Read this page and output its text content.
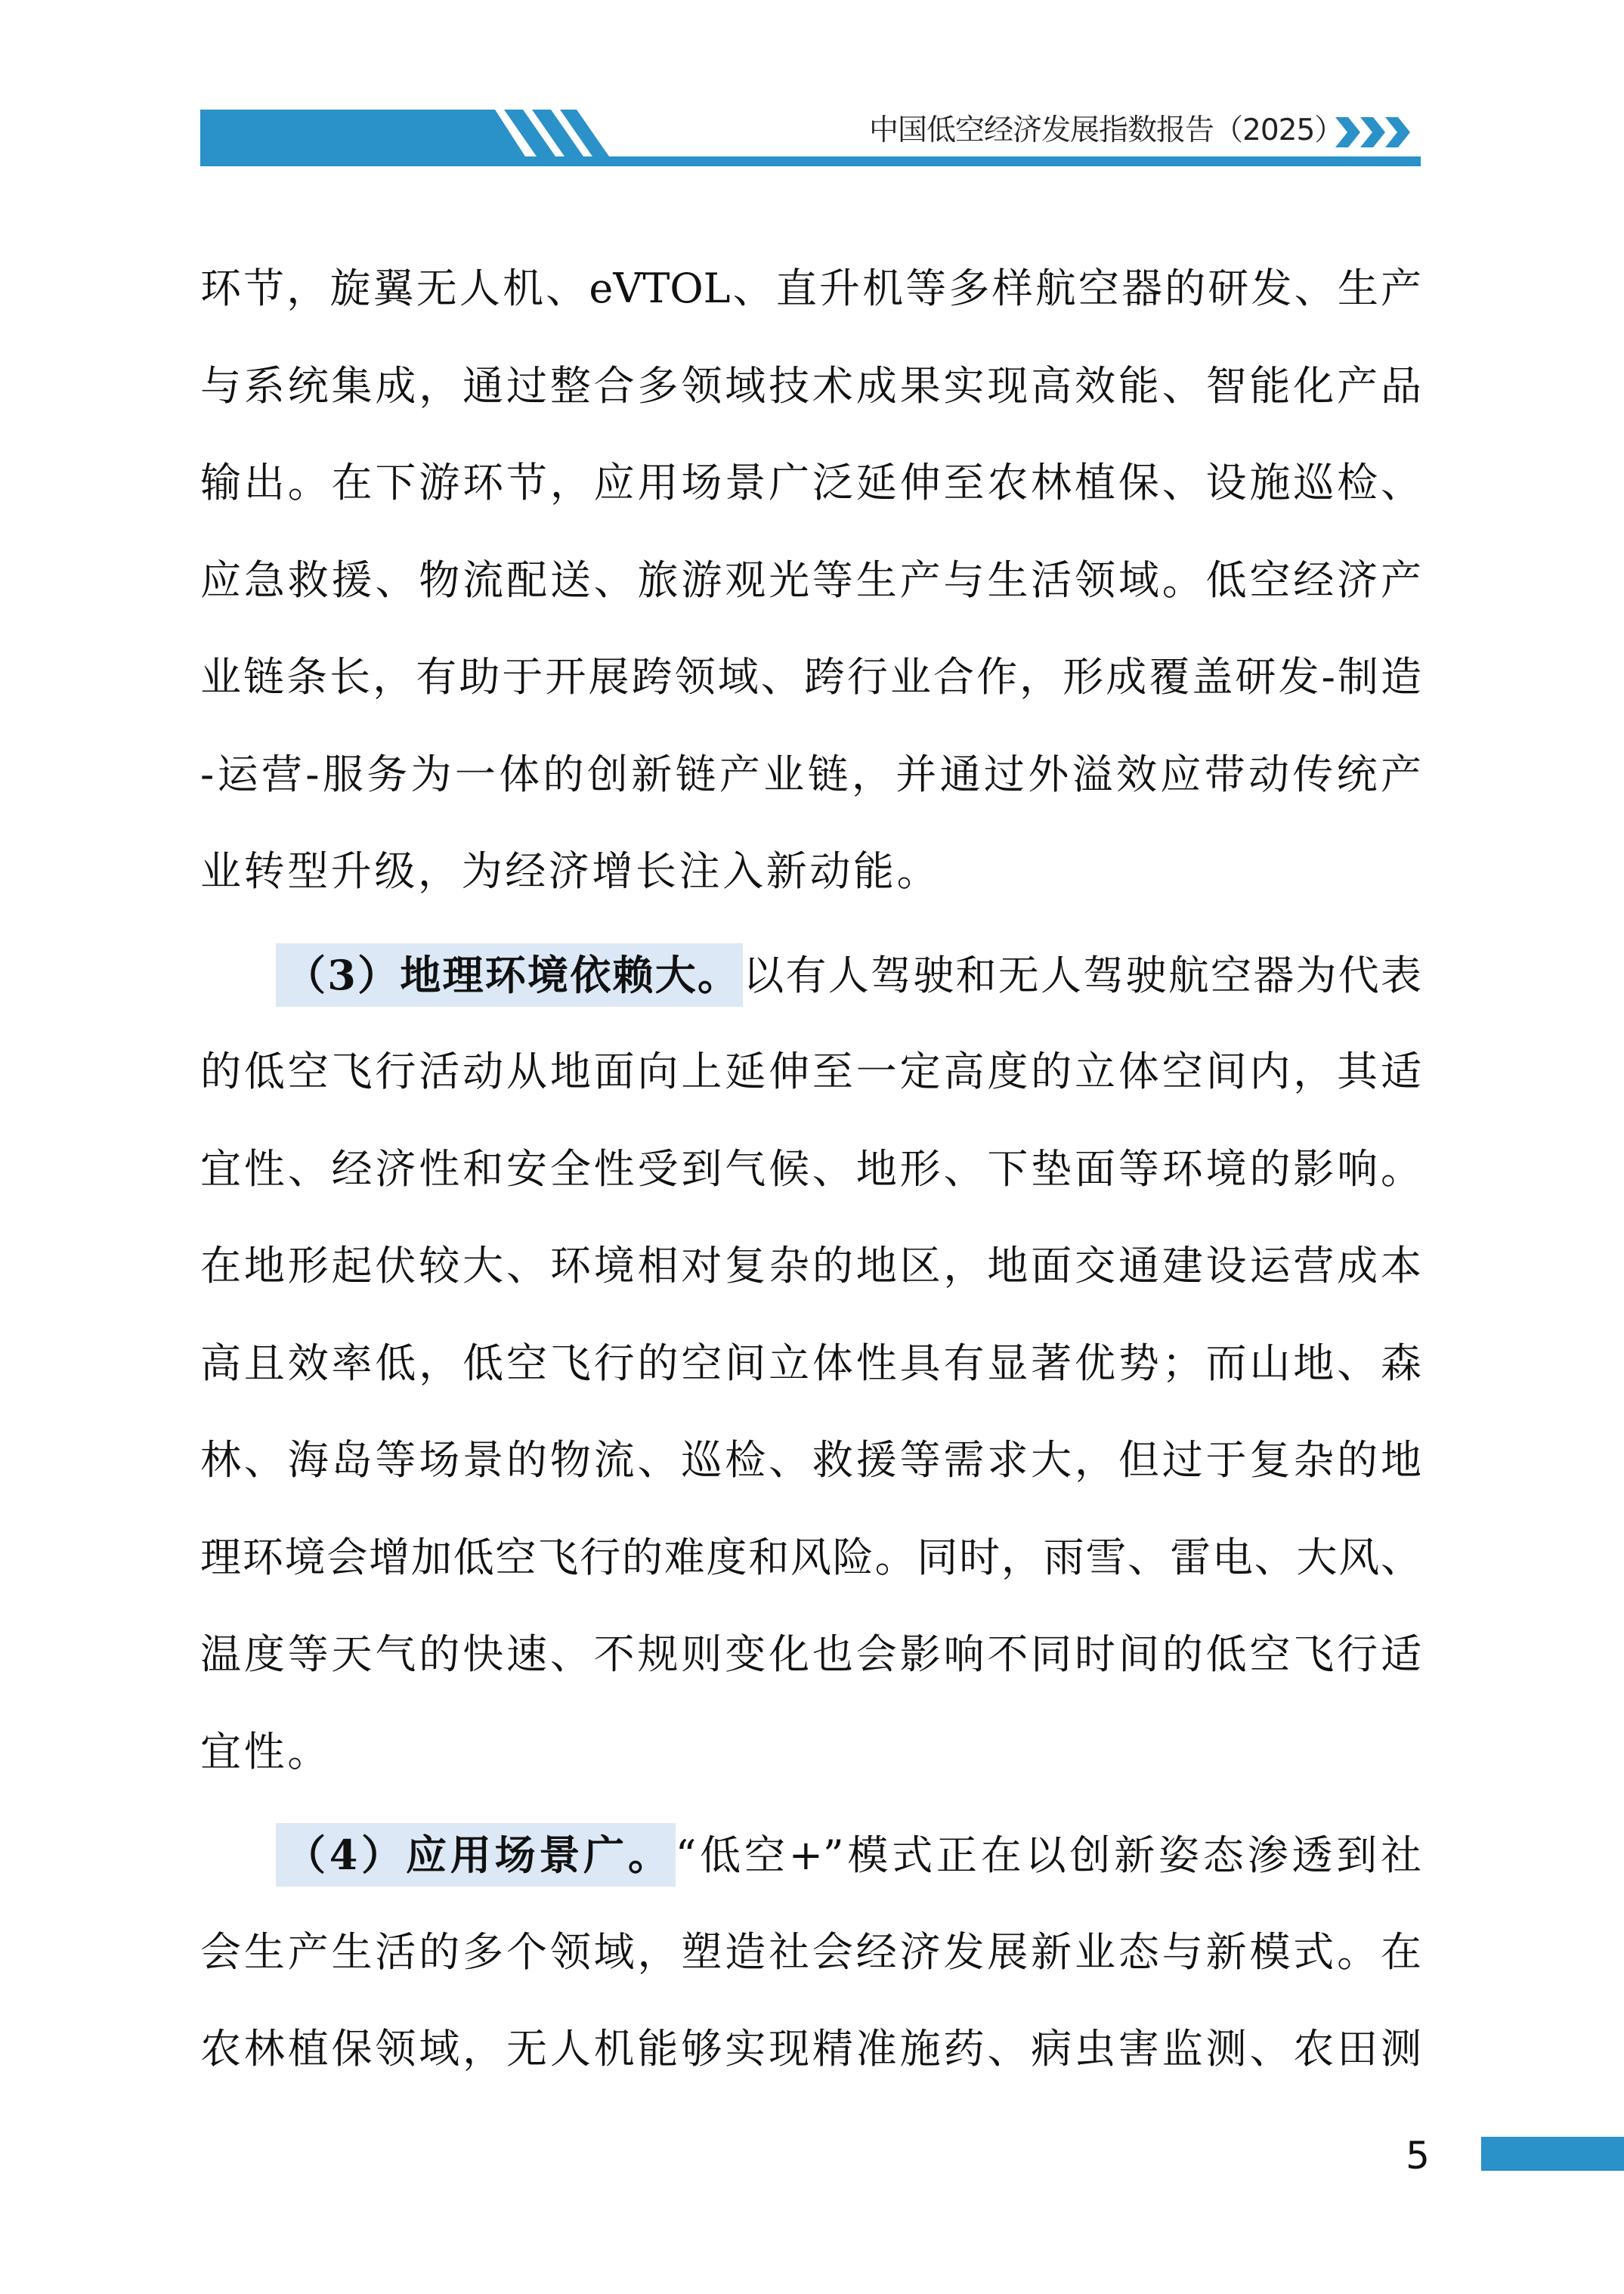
中国低空经济发展指数报告（2025）
环节，旋翼无人机、eVTOL、直升机等多样航空器的研发、生产
与系统集成，通过整合多领域技术成果实现高效能、智能化产品
输出。在下游环节，应用场景广泛延伸至农林植保、设施巡检、
应急救援、物流配送、旅游观光等生产与生活领域。低空经济产
业链条长，有助于开展跨领域、跨行业合作，形成覆盖研发-制造
-运营-服务为一体的创新链产业链，并通过外溢效应带动传统产
业转型升级，为经济增长注入新动能。
（3）地理环境依赖大。以有人驾驶和无人驾驶航空器为代表
的低空飞行活动从地面向上延伸至一定高度的立体空间内，其适
宜性、经济性和安全性受到气候、地形、下垫面等环境的影响。
在地形起伏较大、环境相对复杂的地区，地面交通建设运营成本
高且效率低，低空飞行的空间立体性具有显著优势；而山地、森
林、海岛等场景的物流、巡检、救援等需求大，但过于复杂的地
理环境会增加低空飞行的难度和风险。同时，雨雪、雷电、大风、
温度等天气的快速、不规则变化也会影响不同时间的低空飞行适
宜性。
（4）应用场景广。“低空+”模式正在以创新姿态渗透到社
会生产生活的多个领域，塑造社会经济发展新业态与新模式。在
农林植保领域，无人机能够实现精准施药、病虫害监测、农田测
5
